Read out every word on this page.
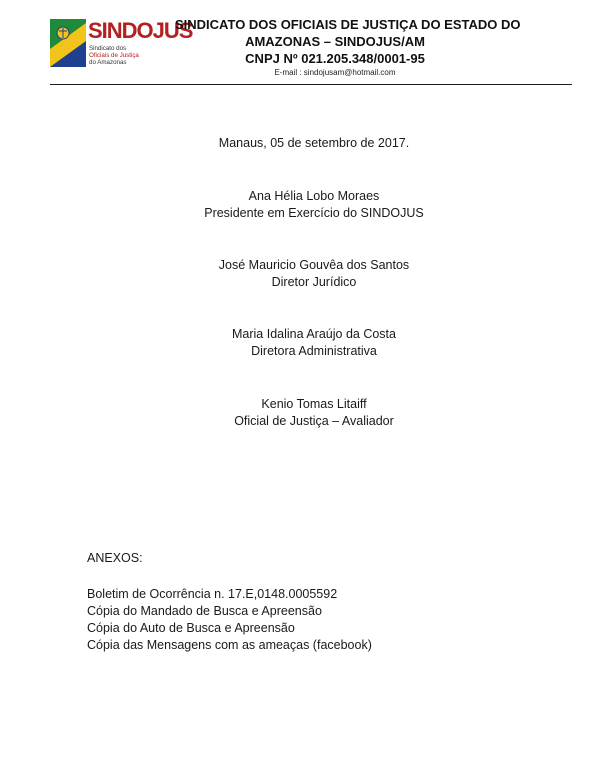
SINDOJUS
Sindicato dos
Oficiais de Justiça
do Amazonas
SINDICATO DOS OFICIAIS DE JUSTIÇA DO ESTADO DO
AMAZONAS – SINDOJUS/AM
CNPJ Nº 021.205.348/0001-95
E-mail : sindojusam@hotmail.com
Manaus, 05 de setembro de 2017.
Ana Hélia Lobo Moraes
Presidente em Exercício do SINDOJUS
José Mauricio Gouvêa dos Santos
Diretor Jurídico
Maria Idalina Araújo da Costa
Diretora Administrativa
Kenio Tomas Litaiff
Oficial de Justiça – Avaliador
ANEXOS:
Boletim de Ocorrência n. 17.E,0148.0005592
Cópia do Mandado de Busca e Apreensão
Cópia do Auto de Busca e Apreensão
Cópia das Mensagens com as ameaças (facebook)
